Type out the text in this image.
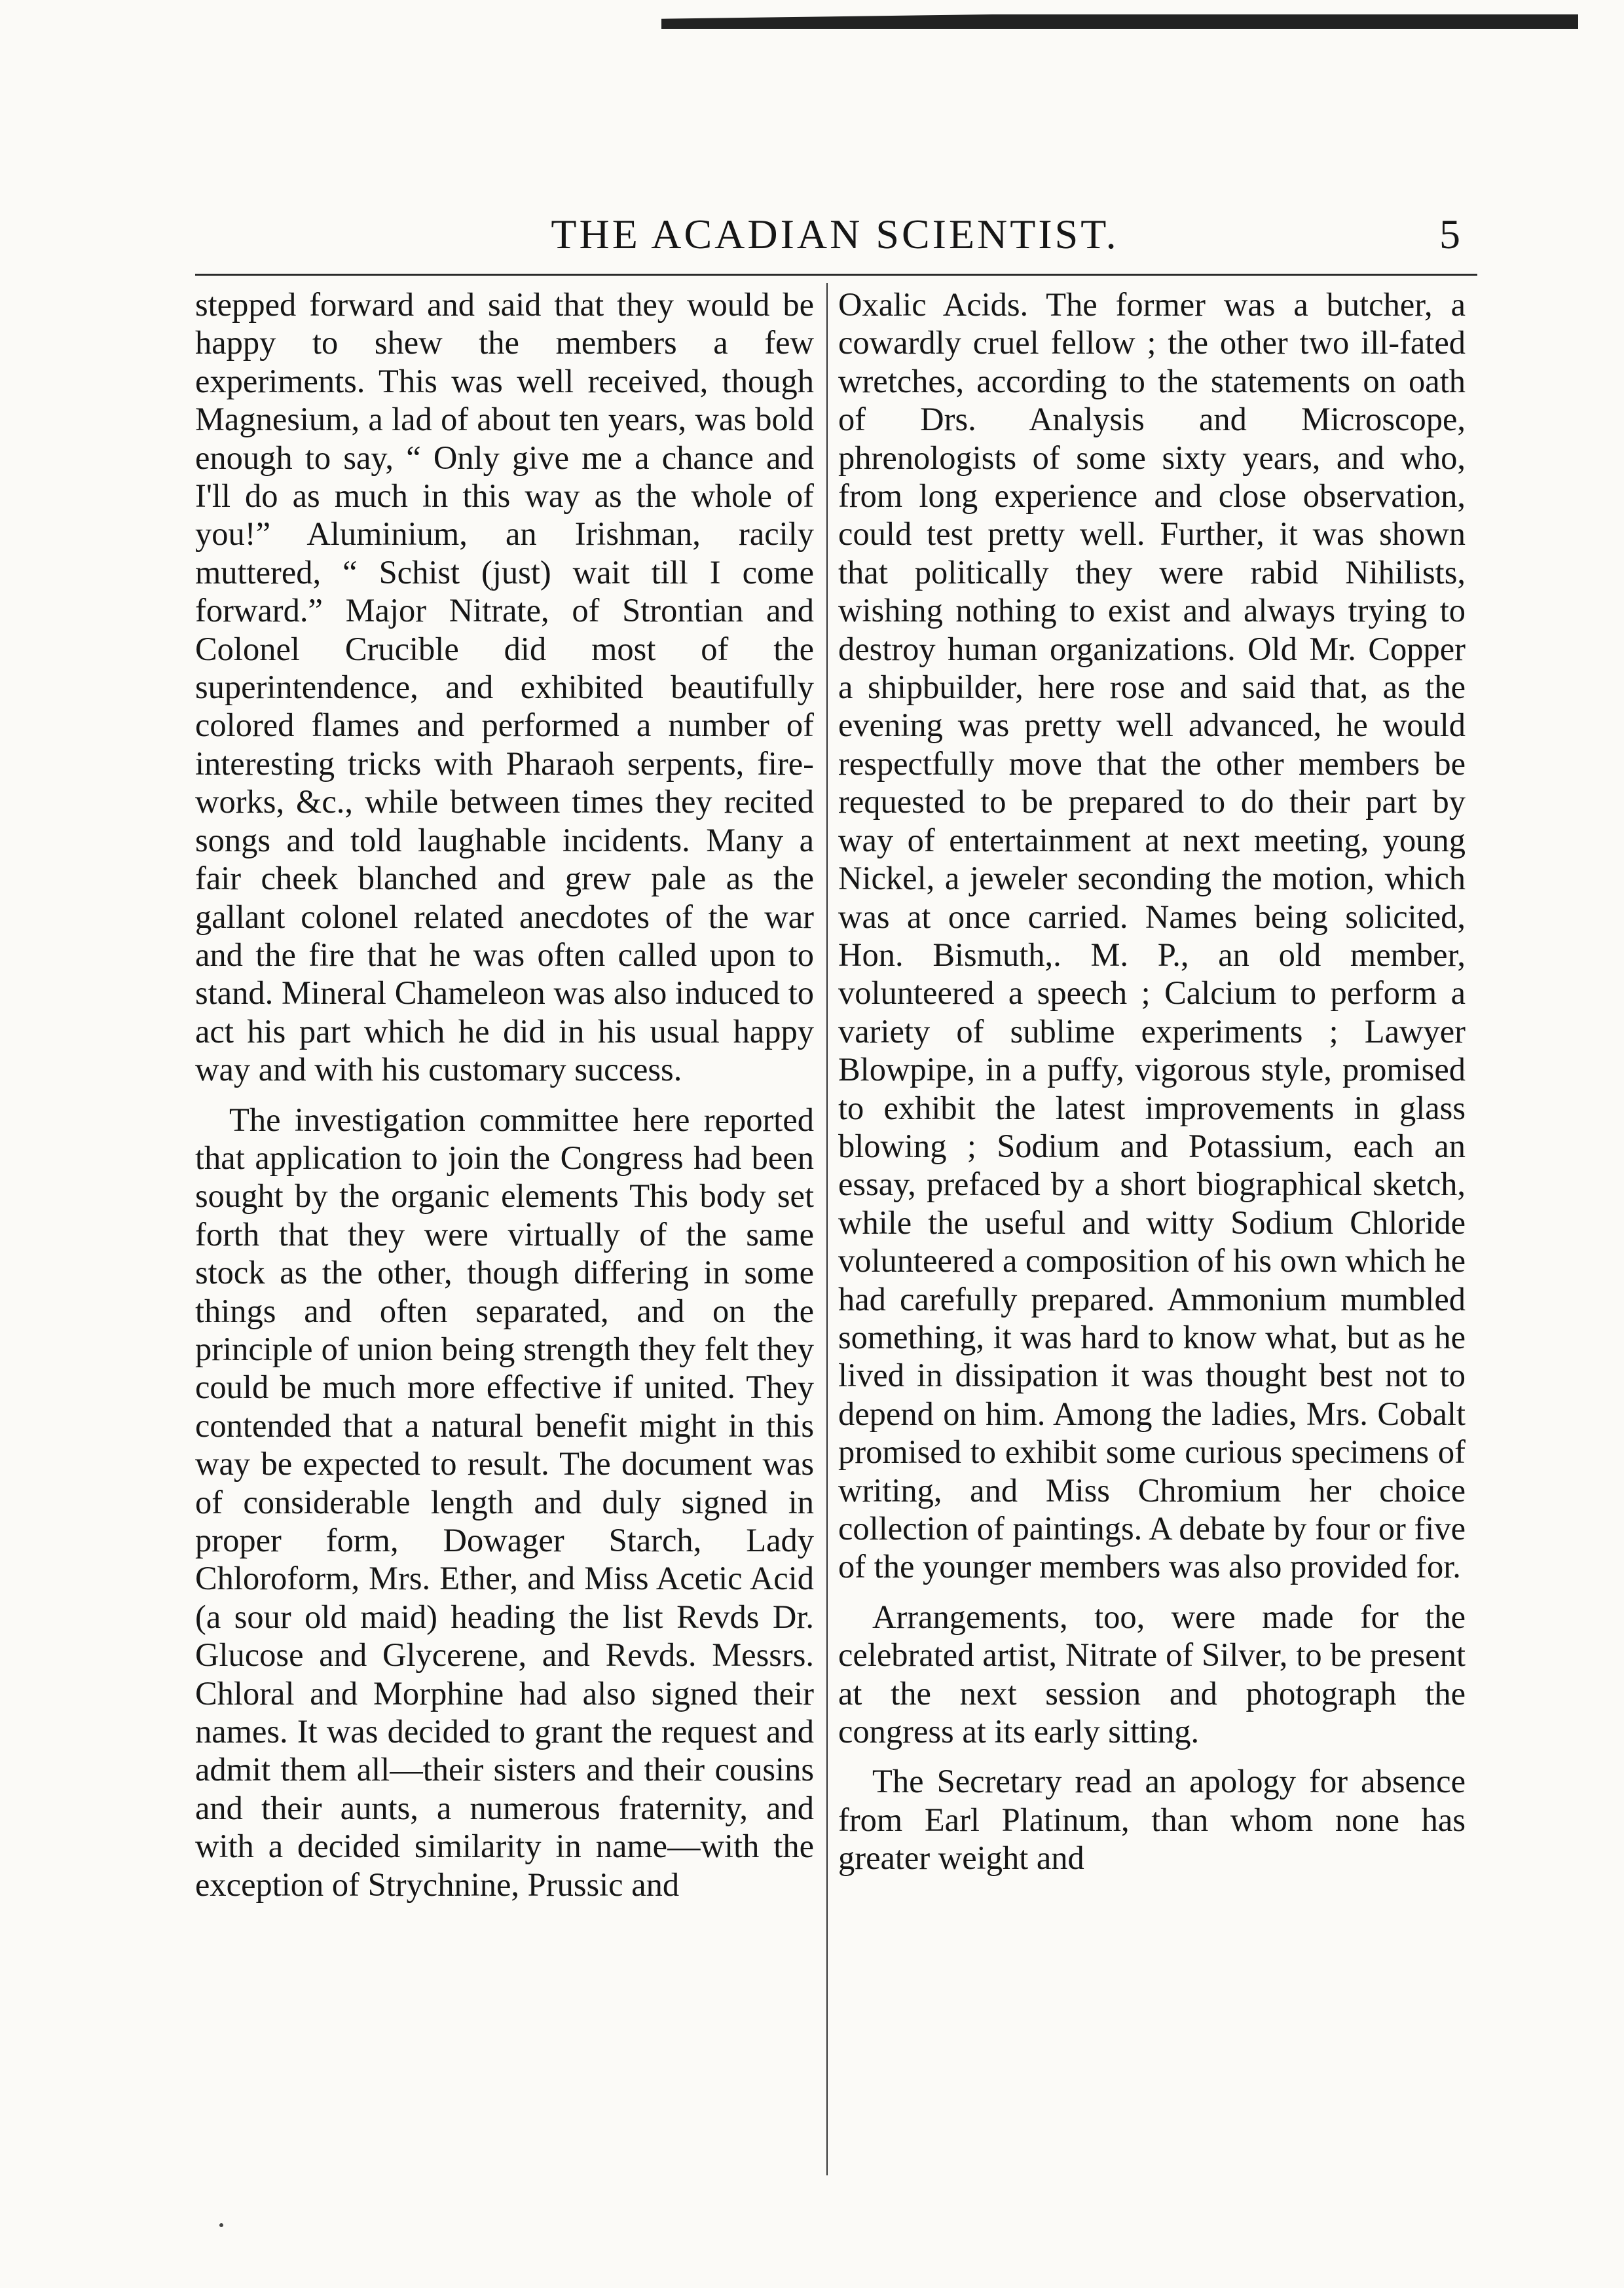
THE ACADIAN SCIENTIST.	5

stepped forward and said that they would be happy to shew the members a few experiments. This was well received, though Magnesium, a lad of about ten years, was bold enough to say, “ Only give me a chance and I'll do as much in this way as the whole of you!” Aluminium, an Irishman, racily muttered, “ Schist (just) wait till I come forward.” Major Nitrate, of Strontian and Colonel Crucible did most of the superintendence, and exhibited beautifully colored flames and performed a number of interesting tricks with Pharaoh serpents, fire-works, &c., while between times they recited songs and told laughable incidents. Many a fair cheek blanched and grew pale as the gallant colonel related anecdotes of the war and the fire that he was often called upon to stand. Mineral Chameleon was also induced to act his part which he did in his usual happy way and with his customary success.

The investigation committee here reported that application to join the Congress had been sought by the organic elements This body set forth that they were virtually of the same stock as the other, though differing in some things and often separated, and on the principle of union being strength they felt they could be much more effective if united. They contended that a natural benefit might in this way be expected to result. The document was of considerable length and duly signed in proper form, Dowager Starch, Lady Chloroform, Mrs. Ether, and Miss Acetic Acid (a sour old maid) heading the list Revds Dr. Glucose and Glycerene, and Revds. Messrs. Chloral and Morphine had also signed their names. It was decided to grant the request and admit them all—their sisters and their cousins and their aunts, a numerous fraternity, and with a decided similarity in name—with the exception of Strychnine, Prussic and

Oxalic Acids. The former was a butcher, a cowardly cruel fellow ; the other two ill-fated wretches, according to the statements on oath of Drs. Analysis and Microscope, phrenologists of some sixty years, and who, from long experience and close observation, could test pretty well. Further, it was shown that politically they were rabid Nihilists, wishing nothing to exist and always trying to destroy human organizations. Old Mr. Copper a shipbuilder, here rose and said that, as the evening was pretty well advanced, he would respectfully move that the other members be requested to be prepared to do their part by way of entertainment at next meeting, young Nickel, a jeweler seconding the motion, which was at once carried. Names being solicited, Hon. Bismuth,. M. P., an old member, volunteered a speech ; Calcium to perform a variety of sublime experiments ; Lawyer Blowpipe, in a puffy, vigorous style, promised to exhibit the latest improvements in glass blowing ; Sodium and Potassium, each an essay, prefaced by a short biographical sketch, while the useful and witty Sodium Chloride volunteered a composition of his own which he had carefully prepared. Ammonium mumbled something, it was hard to know what, but as he lived in dissipation it was thought best not to depend on him. Among the ladies, Mrs. Cobalt promised to exhibit some curious specimens of writing, and Miss Chromium her choice collection of paintings. A debate by four or five of the younger members was also provided for.

Arrangements, too, were made for the celebrated artist, Nitrate of Silver, to be present at the next session and photograph the congress at its early sitting.

The Secretary read an apology for absence from Earl Platinum, than whom none has greater weight and
